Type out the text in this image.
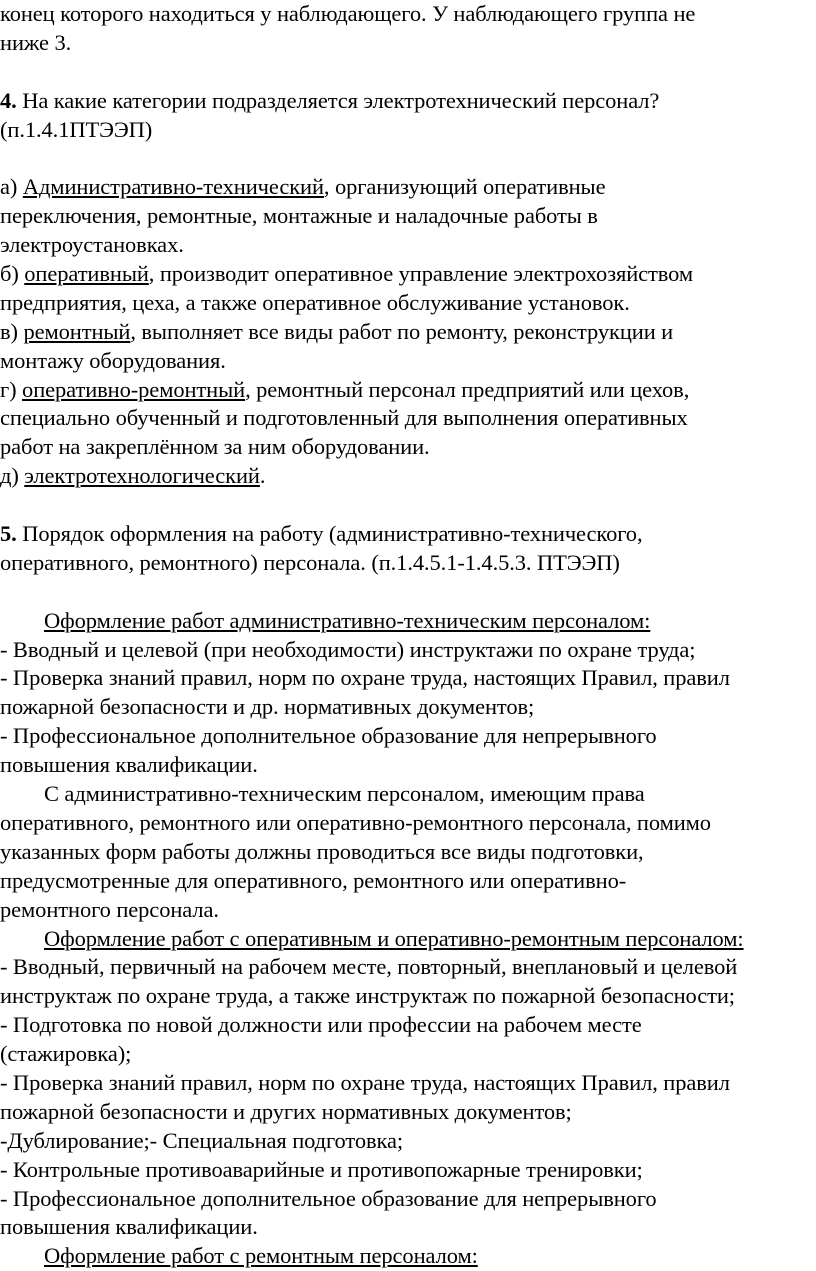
конец которого находиться у наблюдающего. У наблюдающего группа не
ниже 3.
4. На какие категории подразделяется электротехнический персонал?
(п.1.4.1ПТЭЭП)
а) Административно-технический, организующий оперативные
переключения, ремонтные, монтажные и наладочные работы в
электроустановках.
б) оперативный, производит оперативное управление электрохозяйством
предприятия, цеха, а также оперативное обслуживание установок.
в) ремонтный, выполняет все виды работ по ремонту, реконструкции и
монтажу оборудования.
г) оперативно-ремонтный, ремонтный персонал предприятий или цехов,
специально обученный и подготовленный для выполнения оперативных
работ на закреплённом за ним оборудовании.
д) электротехнологический.
5. Порядок оформления на работу (административно-технического,
оперативного, ремонтного) персонала. (п.1.4.5.1-1.4.5.3. ПТЭЭП)
Оформление работ административно-техническим персоналом:
- Вводный и целевой (при необходимости) инструктажи по охране труда;
- Проверка знаний правил, норм по охране труда, настоящих Правил, правил
пожарной безопасности и др. нормативных документов;
- Профессиональное дополнительное образование для непрерывного
повышения квалификации.
С административно-техническим персоналом, имеющим права
оперативного, ремонтного или оперативно-ремонтного персонала, помимо
указанных форм работы должны проводиться все виды подготовки,
предусмотренные для оперативного, ремонтного или оперативно-
ремонтного персонала.
Оформление работ с оперативным и оперативно-ремонтным персоналом:
- Вводный, первичный на рабочем месте, повторный, внеплановый и целевой
инструктаж по охране труда, а также инструктаж по пожарной безопасности;
- Подготовка по новой должности или профессии на рабочем месте
(стажировка);
- Проверка знаний правил, норм по охране труда, настоящих Правил, правил
пожарной безопасности и других нормативных документов;
-Дублирование;- Специальная подготовка;
- Контрольные противоаварийные и противопожарные тренировки;
- Профессиональное дополнительное образование для непрерывного
повышения квалификации.
Оформление работ с ремонтным персоналом:
